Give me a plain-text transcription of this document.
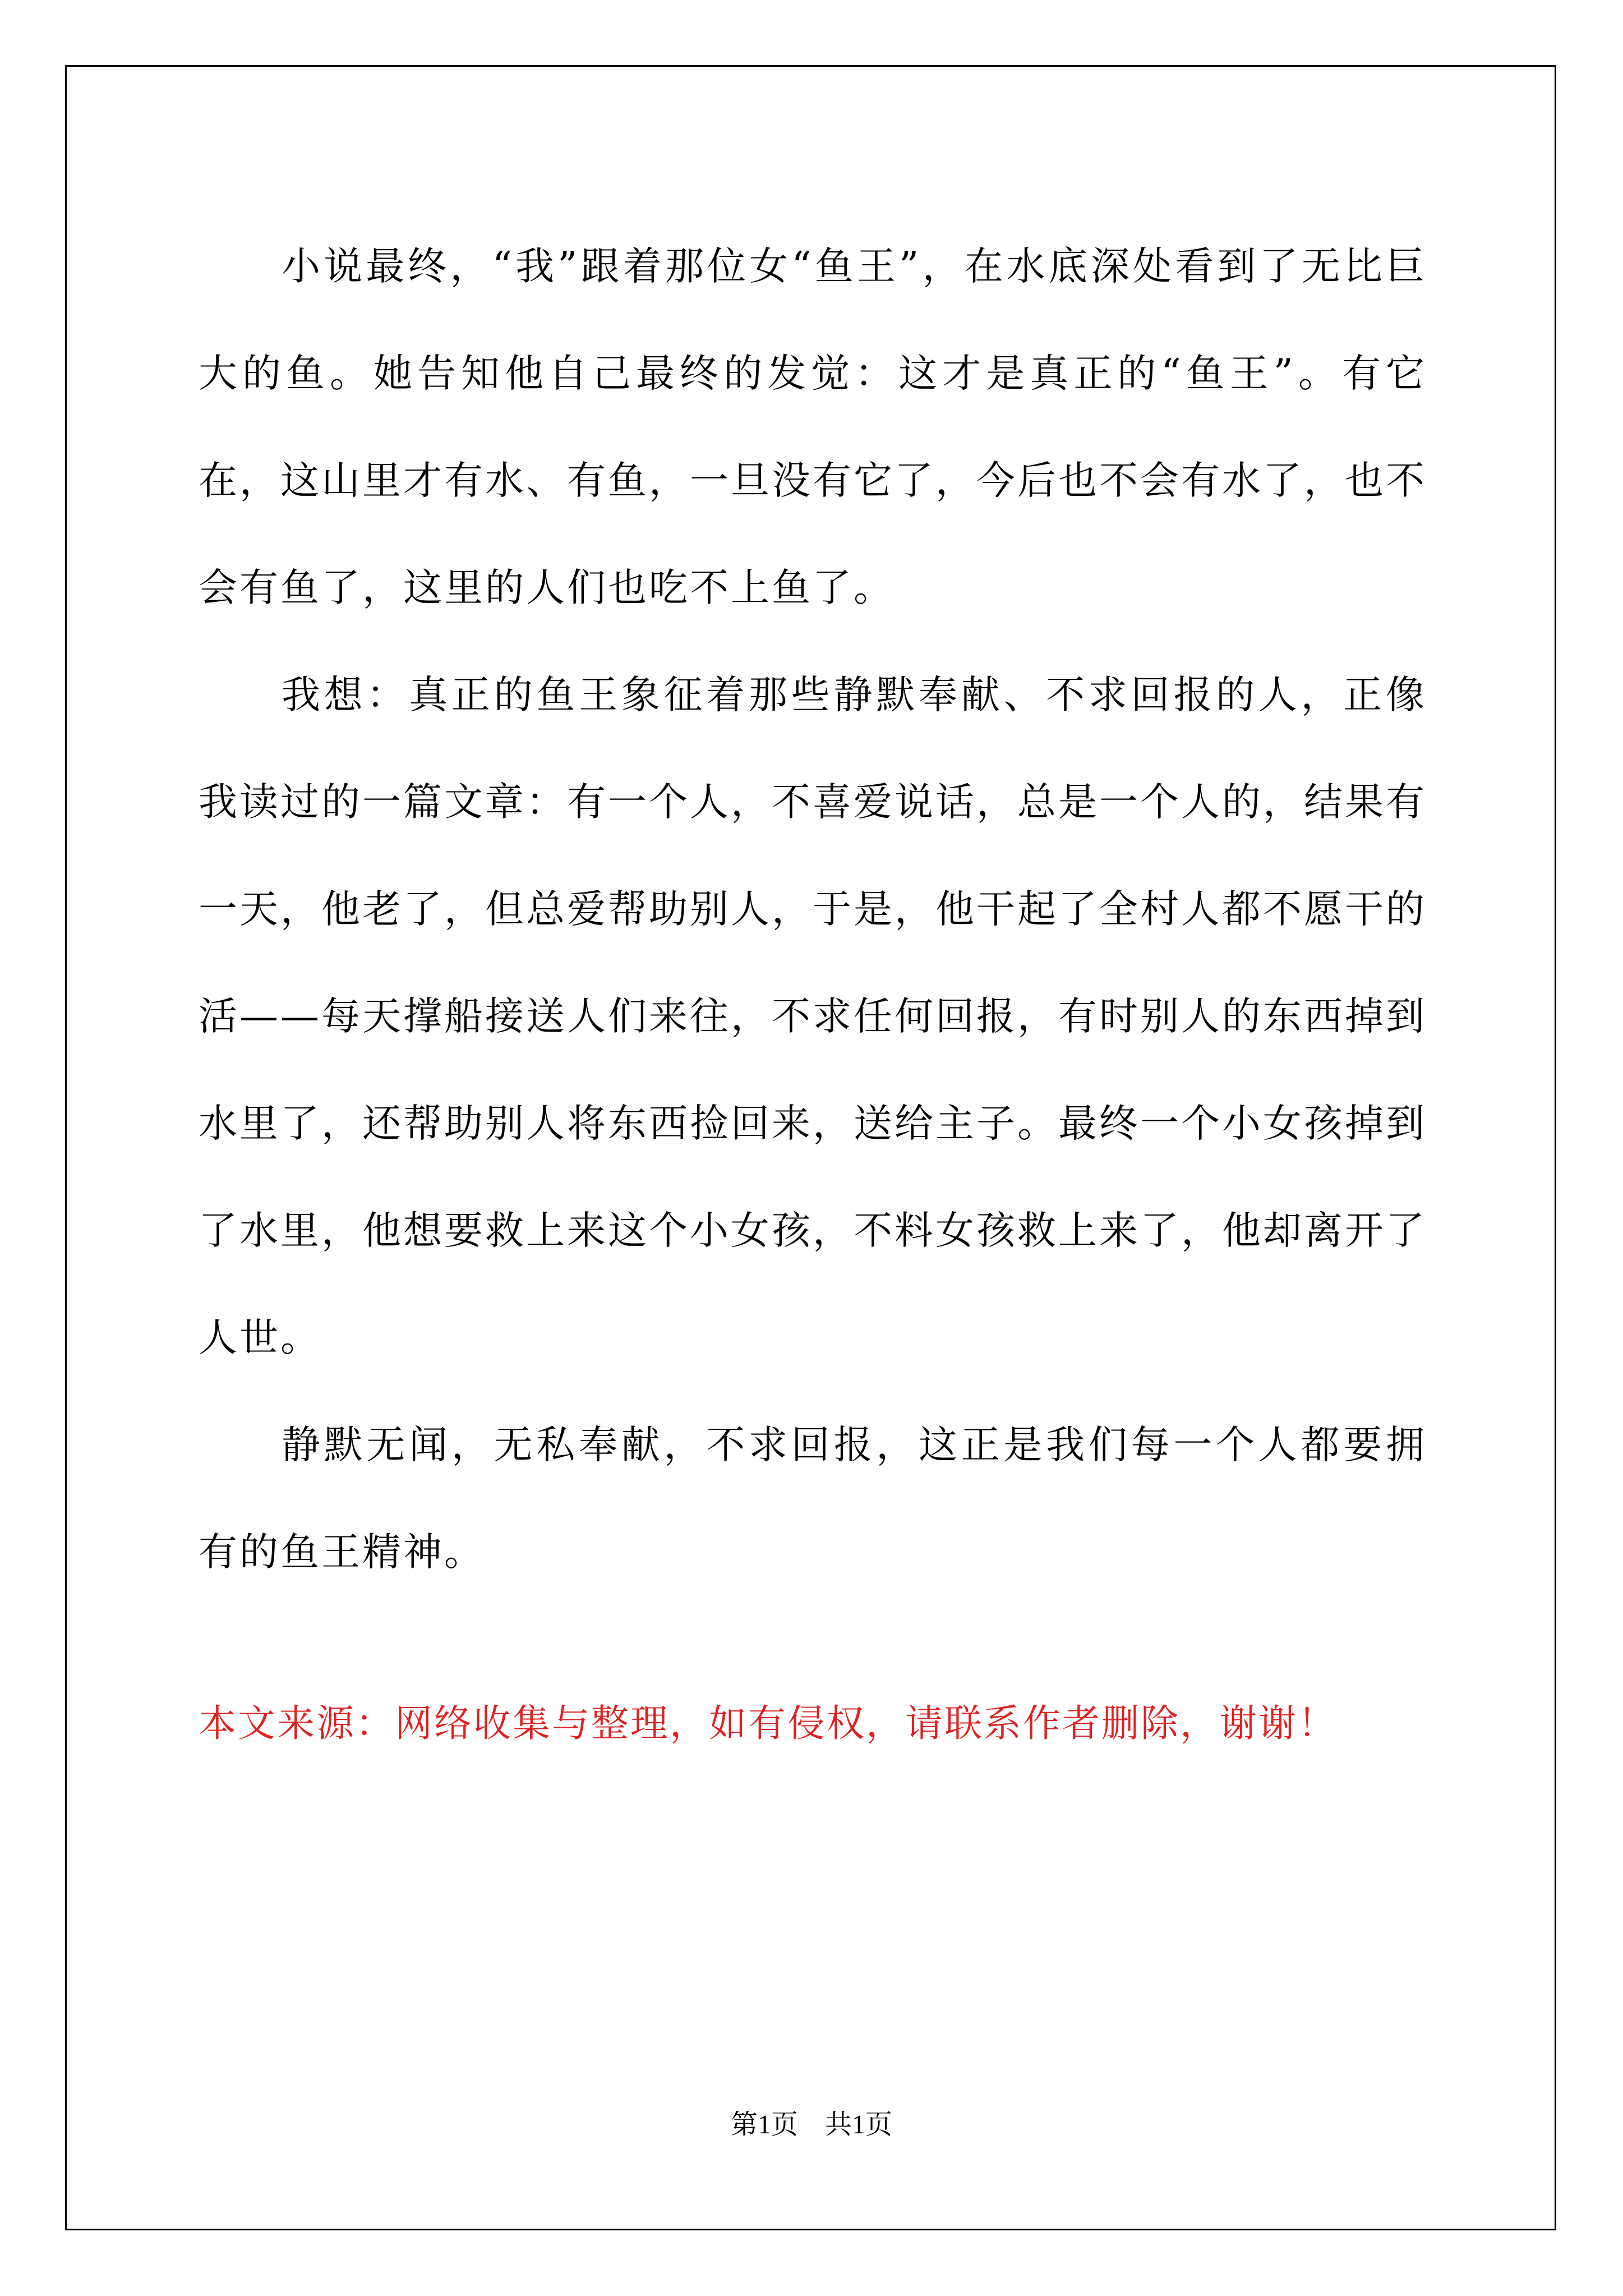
小说最终，“我”跟着那位女“鱼王”，在水底深处看到了无比巨大的鱼。她告知他自己最终的发觉：这才是真正的“鱼王”。有它在，这山里才有水、有鱼，一旦没有它了，今后也不会有水了，也不会有鱼了，这里的人们也吃不上鱼了。

我想：真正的鱼王象征着那些静默奉献、不求回报的人，正像我读过的一篇文章：有一个人，不喜爱说话，总是一个人的，结果有一天，他老了，但总爱帮助别人，于是，他干起了全村人都不愿干的活——每天撑船接送人们来往，不求任何回报，有时别人的东西掉到水里了，还帮助别人将东西捡回来，送给主子。最终一个小女孩掉到了水里，他想要救上来这个小女孩，不料女孩救上来了，他却离开了人世。

静默无闻，无私奉献，不求回报，这正是我们每一个人都要拥有的鱼王精神。

本文来源：网络收集与整理，如有侵权，请联系作者删除，谢谢！

第1页　共1页
